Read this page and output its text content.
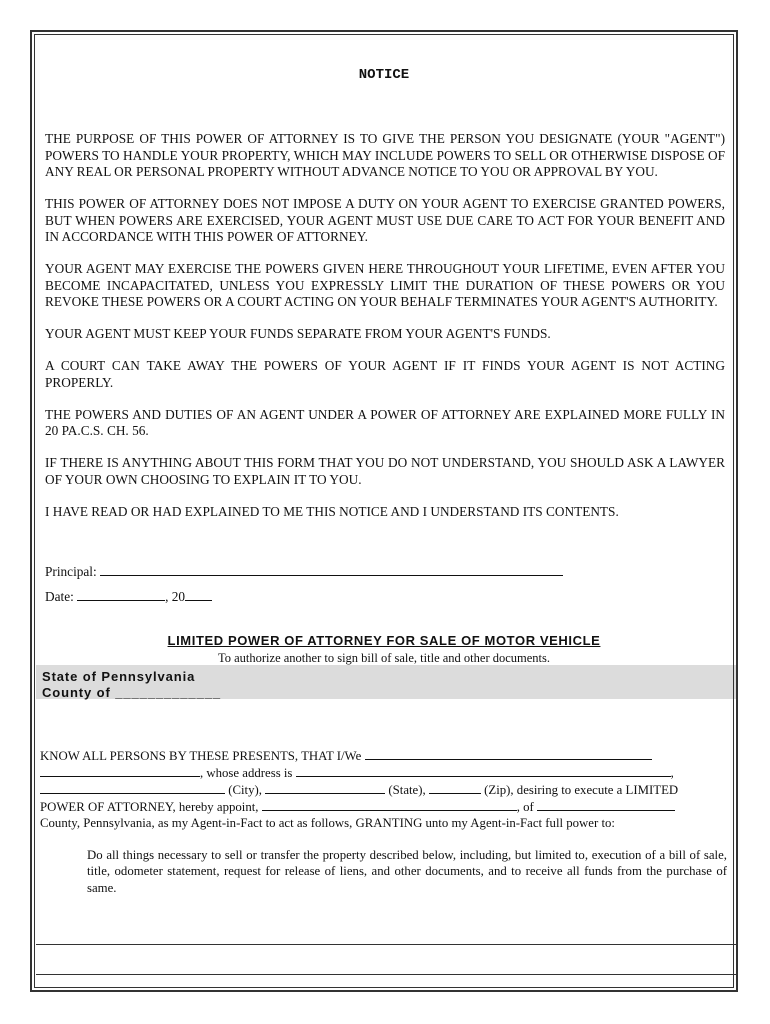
NOTICE

THE PURPOSE OF THIS POWER OF ATTORNEY IS TO GIVE THE PERSON YOU DESIGNATE (YOUR "AGENT") POWERS TO HANDLE YOUR PROPERTY, WHICH MAY INCLUDE POWERS TO SELL OR OTHERWISE DISPOSE OF ANY REAL OR PERSONAL PROPERTY WITHOUT ADVANCE NOTICE TO YOU OR APPROVAL BY YOU.

THIS POWER OF ATTORNEY DOES NOT IMPOSE A DUTY ON YOUR AGENT TO EXERCISE GRANTED POWERS, BUT WHEN POWERS ARE EXERCISED, YOUR AGENT MUST USE DUE CARE TO ACT FOR YOUR BENEFIT AND IN ACCORDANCE WITH THIS POWER OF ATTORNEY.

YOUR AGENT MAY EXERCISE THE POWERS GIVEN HERE THROUGHOUT YOUR LIFETIME, EVEN AFTER YOU BECOME INCAPACITATED, UNLESS YOU EXPRESSLY LIMIT THE DURATION OF THESE POWERS OR YOU REVOKE THESE POWERS OR A COURT ACTING ON YOUR BEHALF TERMINATES YOUR AGENT'S AUTHORITY.

YOUR AGENT MUST KEEP YOUR FUNDS SEPARATE FROM YOUR AGENT'S FUNDS.

A COURT CAN TAKE AWAY THE POWERS OF YOUR AGENT IF IT FINDS YOUR AGENT IS NOT ACTING PROPERLY.

THE POWERS AND DUTIES OF AN AGENT UNDER A POWER OF ATTORNEY ARE EXPLAINED MORE FULLY IN 20 PA.C.S. CH. 56.

IF THERE IS ANYTHING ABOUT THIS FORM THAT YOU DO NOT UNDERSTAND, YOU SHOULD ASK A LAWYER OF YOUR OWN CHOOSING TO EXPLAIN IT TO YOU.

I HAVE READ OR HAD EXPLAINED TO ME THIS NOTICE AND I UNDERSTAND ITS CONTENTS.

Principal:
Date:	, 20
LIMITED POWER OF ATTORNEY FOR SALE OF MOTOR VEHICLE
To authorize another to sign bill of sale, title and other documents.
State of Pennsylvania
County of _____________
KNOW ALL PERSONS BY THESE PRESENTS, THAT I/We
, whose address is	,
(City),	(State),	(Zip), desiring to execute a LIMITED
POWER OF ATTORNEY, hereby appoint,	, of
County, Pennsylvania, as my Agent-in-Fact to act as follows, GRANTING unto my Agent-in-Fact full power to:
Do all things necessary to sell or transfer the property described below, including, but limited to, execution of a bill of sale, title, odometer statement, request for release of liens, and other documents, and to receive all funds from the purchase of same.
